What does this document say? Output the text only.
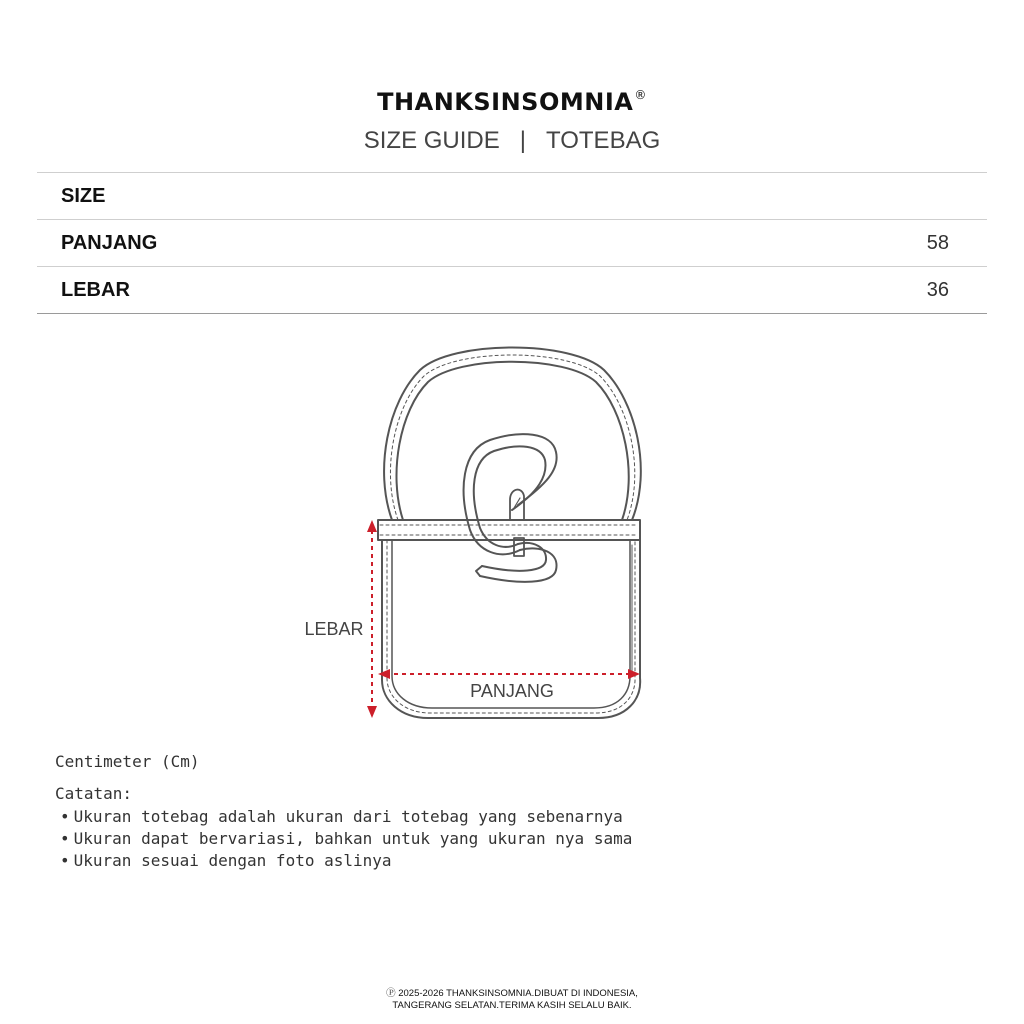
THANKSINSOMNIA®
SIZE GUIDE | TOTEBAG
SIZE
PANJANG	58
LEBAR	36
LEBAR
PANJANG
Centimeter (Cm)
Catatan:
• Ukuran totebag adalah ukuran dari totebag yang sebenarnya
• Ukuran dapat bervariasi, bahkan untuk yang ukuran nya sama
• Ukuran sesuai dengan foto aslinya
Ⓟ 2025-2026 THANKSINSOMNIA.DIBUAT DI INDONESIA,
TANGERANG SELATAN.TERIMA KASIH SELALU BAIK.
